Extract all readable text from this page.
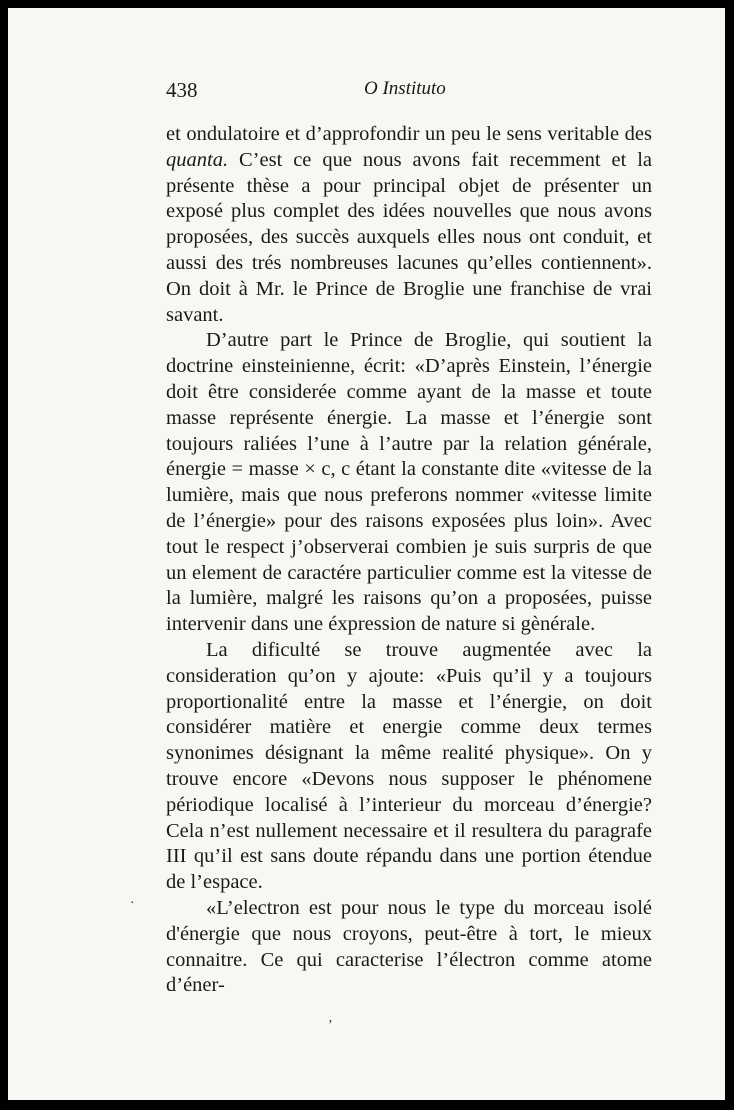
438	O Instituto

et ondulatoire et d’approfondir un peu le sens veritable des quanta. C’est ce que nous avons fait recemment et la présente thèse a pour principal objet de présenter un exposé plus complet des idées nouvelles que nous avons proposées, des succès auxquels elles nous ont conduit, et aussi des trés nombreuses lacunes qu’elles contiennent». On doit à Mr. le Prince de Broglie une franchise de vrai savant.

D’autre part le Prince de Broglie, qui soutient la doctrine einsteinienne, écrit: «D’après Einstein, l’énergie doit être considerée comme ayant de la masse et toute masse représente énergie. La masse et l’énergie sont toujours raliées l’une à l’autre par la relation générale, énergie = masse × c, c étant la constante dite «vitesse de la lumière, mais que nous preferons nommer «vitesse limite de l’énergie» pour des raisons exposées plus loin». Avec tout le respect j’observerai combien je suis surpris de que un element de caractére particulier comme est la vitesse de la lumière, malgré les raisons qu’on a proposées, puisse intervenir dans une éxpression de nature si gènérale.

La dificulté se trouve augmentée avec la consideration qu’on y ajoute: «Puis qu’il y a toujours proportionalité entre la masse et l’énergie, on doit considérer matière et energie comme deux termes synonimes désignant la même realité physique». On y trouve encore «Devons nous supposer le phénomene périodique localisé à l’interieur du morceau d’énergie? Cela n’est nullement necessaire et il resultera du paragrafe III qu’il est sans doute répandu dans une portion étendue de l’espace.

«L’electron est pour nous le type du morceau isolé d'énergie que nous croyons, peut-être à tort, le mieux connaitre. Ce qui caracterise l’électron comme atome d’éner-

·
ʼ
